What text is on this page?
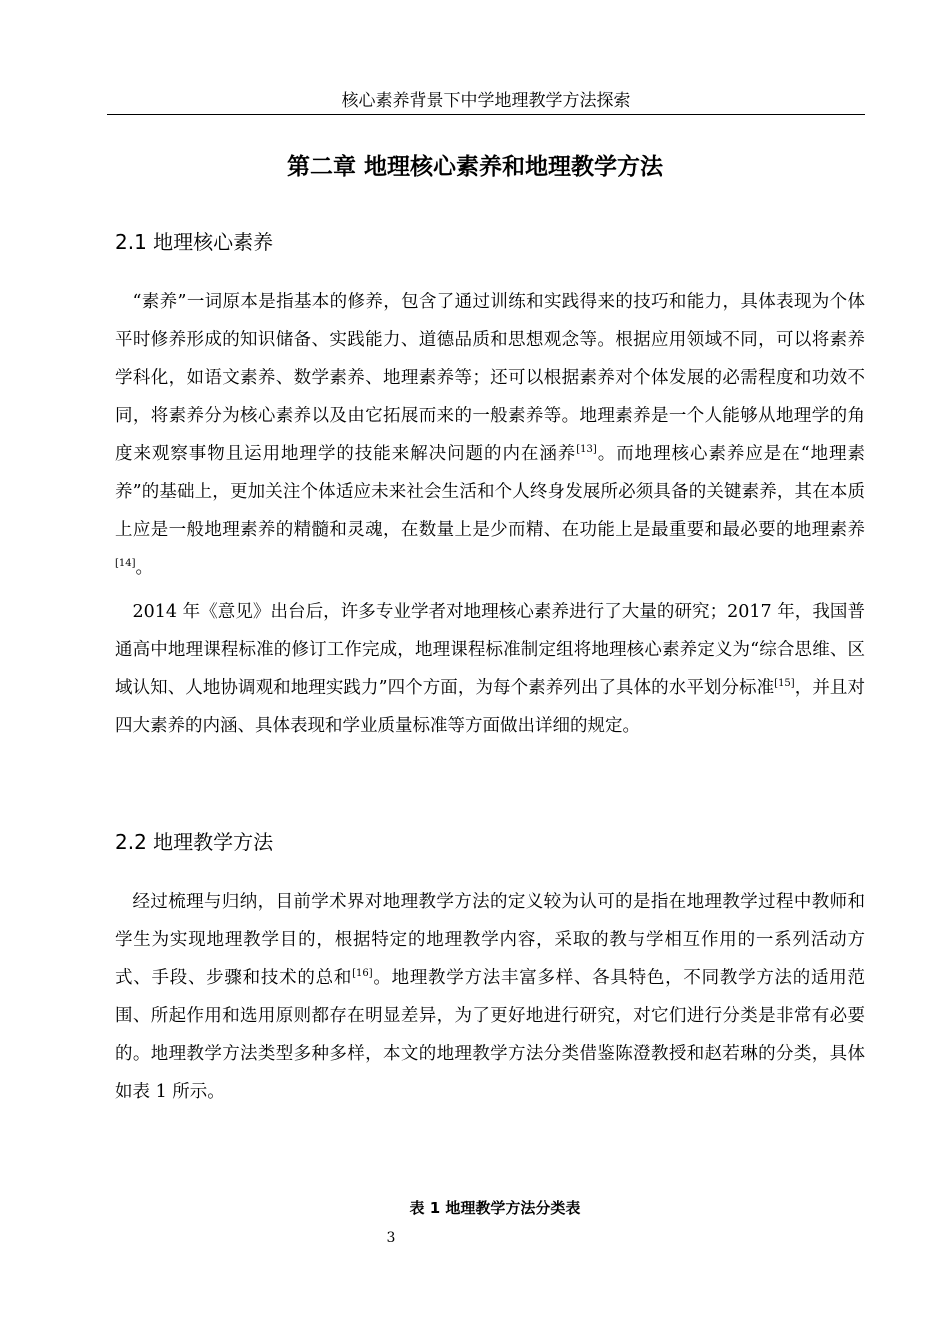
核心素养背景下中学地理教学方法探索
第二章 地理核心素养和地理教学方法
2.1 地理核心素养

“素养”一词原本是指基本的修养，包含了通过训练和实践得来的技巧和能力，具体表现为个体平时修养形成的知识储备、实践能力、道德品质和思想观念等。根据应用领域不同，可以将素养学科化，如语文素养、数学素养、地理素养等；还可以根据素养对个体发展的必需程度和功效不同，将素养分为核心素养以及由它拓展而来的一般素养等。地理素养是一个人能够从地理学的角度来观察事物且运用地理学的技能来解决问题的内在涵养[13]。而地理核心素养应是在“地理素养”的基础上，更加关注个体适应未来社会生活和个人终身发展所必须具备的关键素养，其在本质上应是一般地理素养的精髓和灵魂，在数量上是少而精、在功能上是最重要和最必要的地理素养[14]。

2014 年《意见》出台后，许多专业学者对地理核心素养进行了大量的研究；2017 年，我国普通高中地理课程标准的修订工作完成，地理课程标准制定组将地理核心素养定义为“综合思维、区域认知、人地协调观和地理实践力”四个方面，为每个素养列出了具体的水平划分标准[15]，并且对四大素养的内涵、具体表现和学业质量标准等方面做出详细的规定。

2.2 地理教学方法

经过梳理与归纳，目前学术界对地理教学方法的定义较为认可的是指在地理教学过程中教师和学生为实现地理教学目的，根据特定的地理教学内容，采取的教与学相互作用的一系列活动方式、手段、步骤和技术的总和[16]。地理教学方法丰富多样、各具特色，不同教学方法的适用范围、所起作用和选用原则都存在明显差异，为了更好地进行研究，对它们进行分类是非常有必要的。地理教学方法类型多种多样，本文的地理教学方法分类借鉴陈澄教授和赵若琳的分类，具体如表 1 所示。

表 1 地理教学方法分类表
3
